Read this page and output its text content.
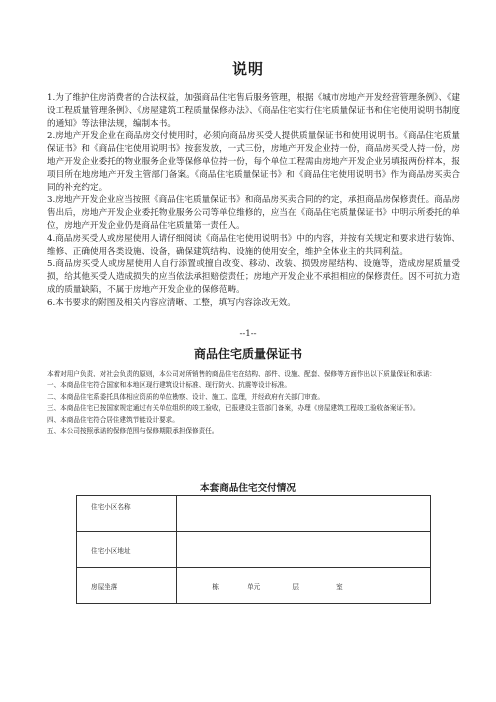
说明

1.为了维护住房消费者的合法权益，加强商品住宅售后服务管理，根据《城市房地产开发经营管理条例》、《建设工程质量管理条例》、《房屋建筑工程质量保修办法》、《商品住宅实行住宅质量保证书和住宅使用说明书制度的通知》等法律法规，编制本书。

2.房地产开发企业在商品房交付使用时，必须向商品房买受人提供质量保证书和使用说明书。《商品住宅质量保证书》和《商品住宅使用说明书》按套发放，一式三份，房地产开发企业持一份，商品房买受人持一份，房地产开发企业委托的物业服务企业等保修单位持一份，每个单位工程需由房地产开发企业另填报两份样本，报项目所在地房地产开发主管部门备案。《商品住宅质量保证书》和《商品住宅使用说明书》作为商品房买卖合同的补充约定。

3.房地产开发企业应当按照《商品住宅质量保证书》和商品房买卖合同的约定，承担商品房保修责任。商品房售出后，房地产开发企业委托物业服务公司等单位维修的，应当在《商品住宅质量保证书》中明示所委托的单位，房地产开发企业仍是商品住宅质量第一责任人。

4.商品房买受人或房屋使用人请仔细阅读《商品住宅使用说明书》中的内容，并按有关规定和要求进行装饰、维修、正确使用各类设施、设备，确保建筑结构、设施的使用安全，维护全体业主的共同利益。

5.商品房买受人或房屋使用人自行添置或擅自改变、移动、改装、损毁房屋结构、设施等，造成房屋质量受损，给其他买受人造成损失的应当依法承担赔偿责任；房地产开发企业不承担相应的保修责任。因不可抗力造成的质量缺陷，不属于房地产开发企业的保修范畴。

6.本书要求的附图及相关内容应清晰、工整，填写内容涂改无效。

--1--
商品住宅质量保证书

本着对用户负责、对社会负责的原则，本公司对所销售的商品住宅在结构、部件、设施、配套、保修等方面作出以下质量保证和承诺：

一、本商品住宅符合国家和本地区现行建筑设计标准、现行防火、抗震等设计标准。

二、本商品住宅系委托具体相应资质的单位勘察、设计、施工、监理，并经政府有关部门审查。

三、本商品住宅已按国家规定通过有关单位组织的竣工验收，已报建设主管部门备案，办理《房屋建筑工程竣工验收备案证书》。

四、本商品住宅符合居住建筑节能设计要求。

五、本公司按照承诺的保修范围与保修期限承担保修责任。

本套商品住宅交付情况
住宅小区名称	

住宅小区地址	

房屋坐落	栋 单元 层 室
